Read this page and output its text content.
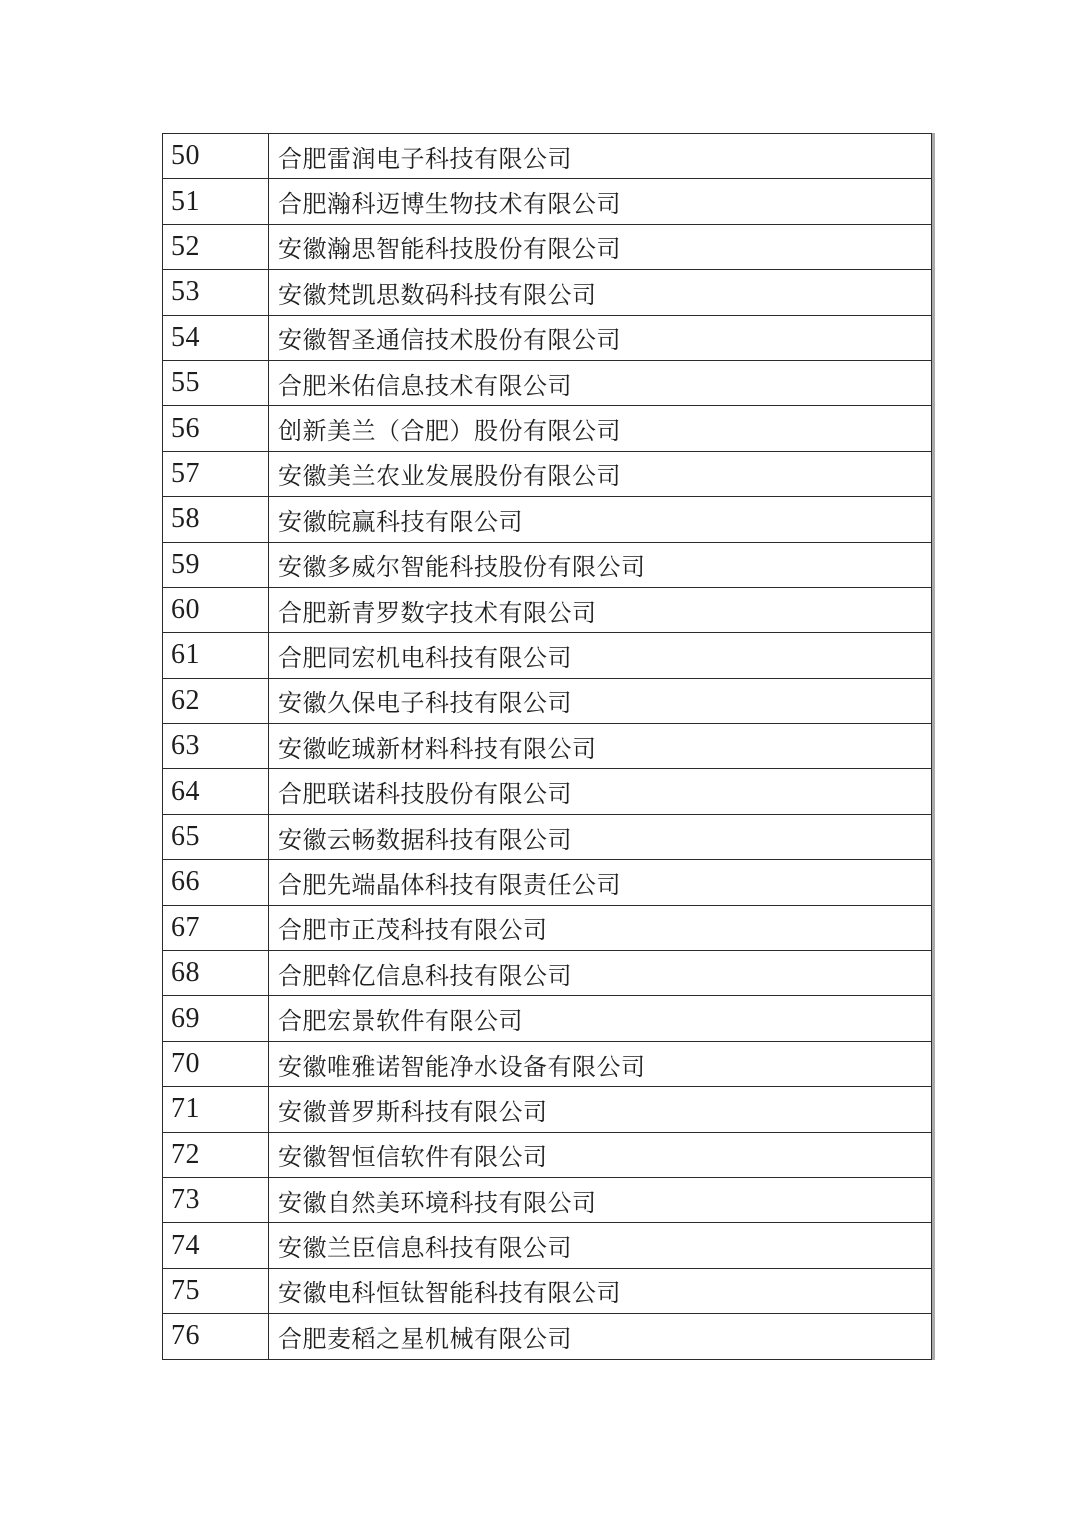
50	合肥雷润电子科技有限公司
51	合肥瀚科迈博生物技术有限公司
52	安徽瀚思智能科技股份有限公司
53	安徽梵凯思数码科技有限公司
54	安徽智圣通信技术股份有限公司
55	合肥米佑信息技术有限公司
56	创新美兰（合肥）股份有限公司
57	安徽美兰农业发展股份有限公司
58	安徽皖赢科技有限公司
59	安徽多威尔智能科技股份有限公司
60	合肥新青罗数字技术有限公司
61	合肥同宏机电科技有限公司
62	安徽久保电子科技有限公司
63	安徽屹珹新材料科技有限公司
64	合肥联诺科技股份有限公司
65	安徽云畅数据科技有限公司
66	合肥先端晶体科技有限责任公司
67	合肥市正茂科技有限公司
68	合肥斡亿信息科技有限公司
69	合肥宏景软件有限公司
70	安徽唯雅诺智能净水设备有限公司
71	安徽普罗斯科技有限公司
72	安徽智恒信软件有限公司
73	安徽自然美环境科技有限公司
74	安徽兰臣信息科技有限公司
75	安徽电科恒钛智能科技有限公司
76	合肥麦稻之星机械有限公司
